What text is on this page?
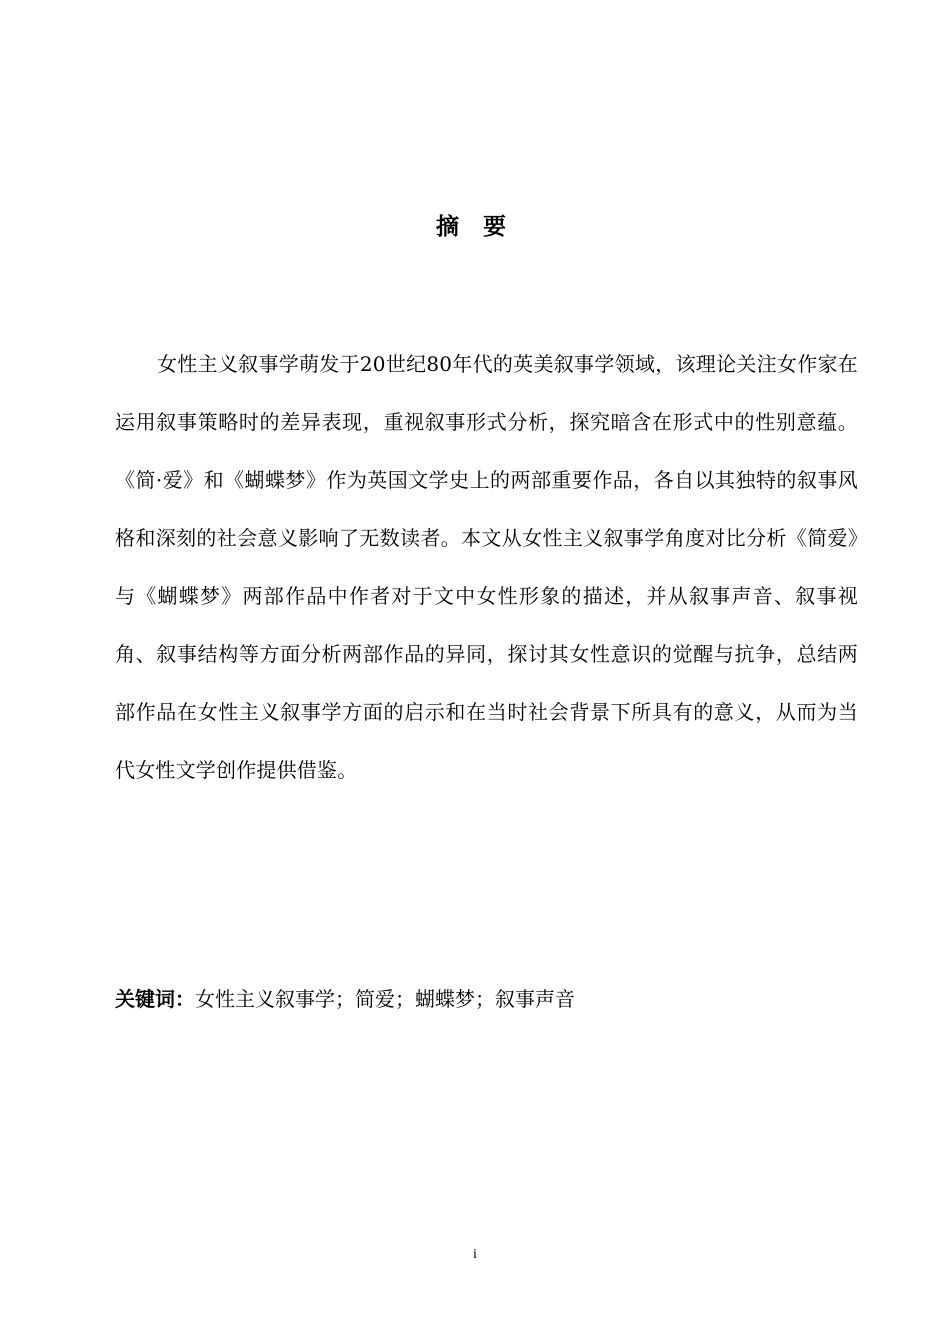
摘 要

女性主义叙事学萌发于20世纪80年代的英美叙事学领域，该理论关注女作家在运用叙事策略时的差异表现，重视叙事形式分析，探究暗含在形式中的性别意蕴。《简·爱》和《蝴蝶梦》作为英国文学史上的两部重要作品，各自以其独特的叙事风格和深刻的社会意义影响了无数读者。本文从女性主义叙事学角度对比分析《简爱》与《蝴蝶梦》两部作品中作者对于文中女性形象的描述，并从叙事声音、叙事视角、叙事结构等方面分析两部作品的异同，探讨其女性意识的觉醒与抗争，总结两部作品在女性主义叙事学方面的启示和在当时社会背景下所具有的意义，从而为当代女性文学创作提供借鉴。

关键词：女性主义叙事学；简爱；蝴蝶梦；叙事声音
i
